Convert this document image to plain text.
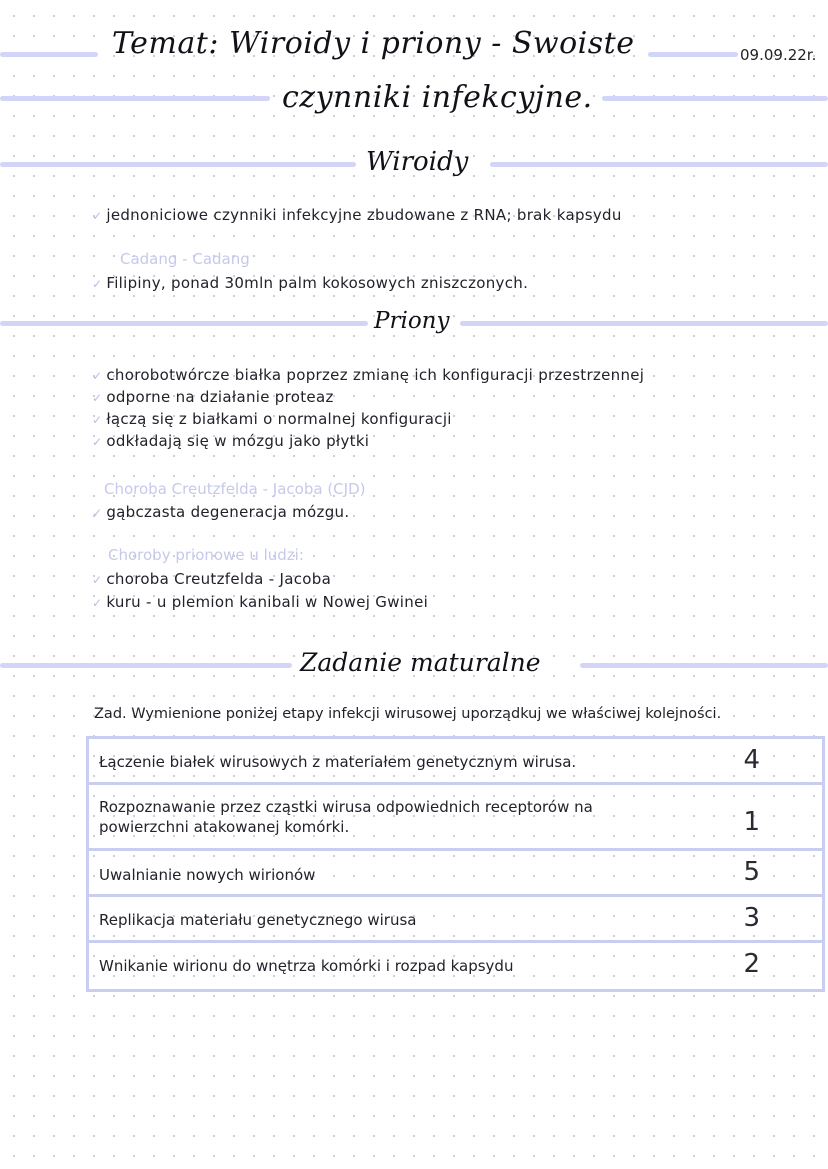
Temat: Wiroidy i priony - Swoiste
czynniki infekcyjne.
09.09.22r.
Wiroidy
✓ jednoniciowe czynniki infekcyjne zbudowane z RNA; brak kapsydu
Cadang - Cadang
✓ Filipiny, ponad 30mln palm kokosowych zniszczonych.
Priony
✓ chorobotwórcze białka poprzez zmianę ich konfiguracji przestrzennej
✓ odporne na działanie proteaz
✓ łączą się z białkami o normalnej konfiguracji
✓ odkładają się w mózgu jako płytki
Choroba Creutzfelda - Jacoba (CJD)
✓ gąbczasta degeneracja mózgu.
Choroby prionowe u ludzi:
✓ choroba Creutzfelda - Jacoba
✓ kuru - u plemion kanibali w Nowej Gwinei
Zadanie maturalne
Zad. Wymienione poniżej etapy infekcji wirusowej uporządkuj we właściwej kolejności.
Łączenie białek wirusowych z materiałem genetycznym wirusa.	4
Rozpoznawanie przez cząstki wirusa odpowiednich receptorów na powierzchni atakowanej komórki.	1
Uwalnianie nowych wirionów	5
Replikacja materiału genetycznego wirusa	3
Wnikanie wirionu do wnętrza komórki i rozpad kapsydu	2
